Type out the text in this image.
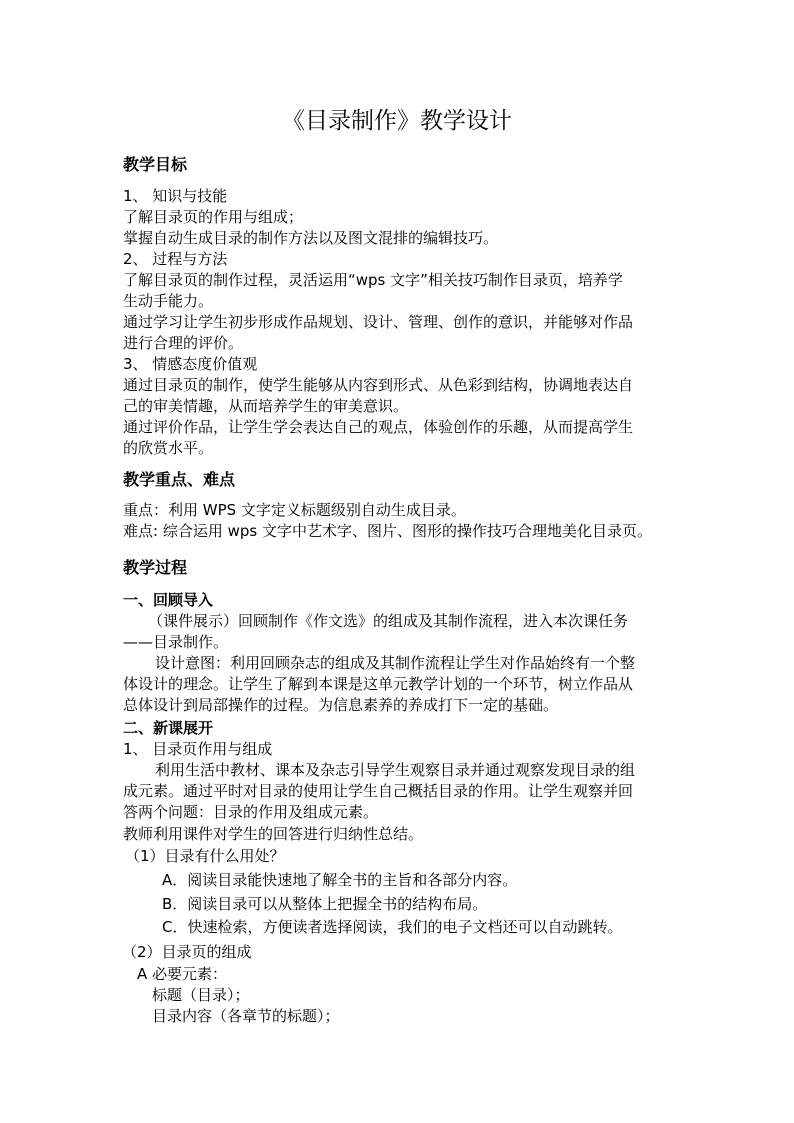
《目录制作》教学设计
教学目标
1、 知识与技能
了解目录页的作用与组成；
掌握自动生成目录的制作方法以及图文混排的编辑技巧。
2、 过程与方法
了解目录页的制作过程，灵活运用“wps 文字”相关技巧制作目录页，培养学
生动手能力。
通过学习让学生初步形成作品规划、设计、管理、创作的意识，并能够对作品
进行合理的评价。
3、 情感态度价值观
通过目录页的制作，使学生能够从内容到形式、从色彩到结构，协调地表达自
己的审美情趣，从而培养学生的审美意识。
通过评价作品，让学生学会表达自己的观点，体验创作的乐趣，从而提高学生
的欣赏水平。
教学重点、难点
重点：利用 WPS 文字定义标题级别自动生成目录。
难点: 综合运用 wps 文字中艺术字、图片、图形的操作技巧合理地美化目录页。
教学过程
一、回顾导入
（课件展示）回顾制作《作文选》的组成及其制作流程，进入本次课任务
——目录制作。
设计意图：利用回顾杂志的组成及其制作流程让学生对作品始终有一个整
体设计的理念。让学生了解到本课是这单元教学计划的一个环节，树立作品从
总体设计到局部操作的过程。为信息素养的养成打下一定的基础。
二、新课展开
1、 目录页作用与组成
利用生活中教材、课本及杂志引导学生观察目录并通过观察发现目录的组
成元素。通过平时对目录的使用让学生自己概括目录的作用。让学生观察并回
答两个问题：目录的作用及组成元素。
教师利用课件对学生的回答进行归纳性总结。
（1）目录有什么用处？
A．阅读目录能快速地了解全书的主旨和各部分内容。
B．阅读目录可以从整体上把握全书的结构布局。
C．快速检索，方便读者选择阅读，我们的电子文档还可以自动跳转。
（2）目录页的组成
A 必要元素：
标题（目录）；
目录内容（各章节的标题）；
